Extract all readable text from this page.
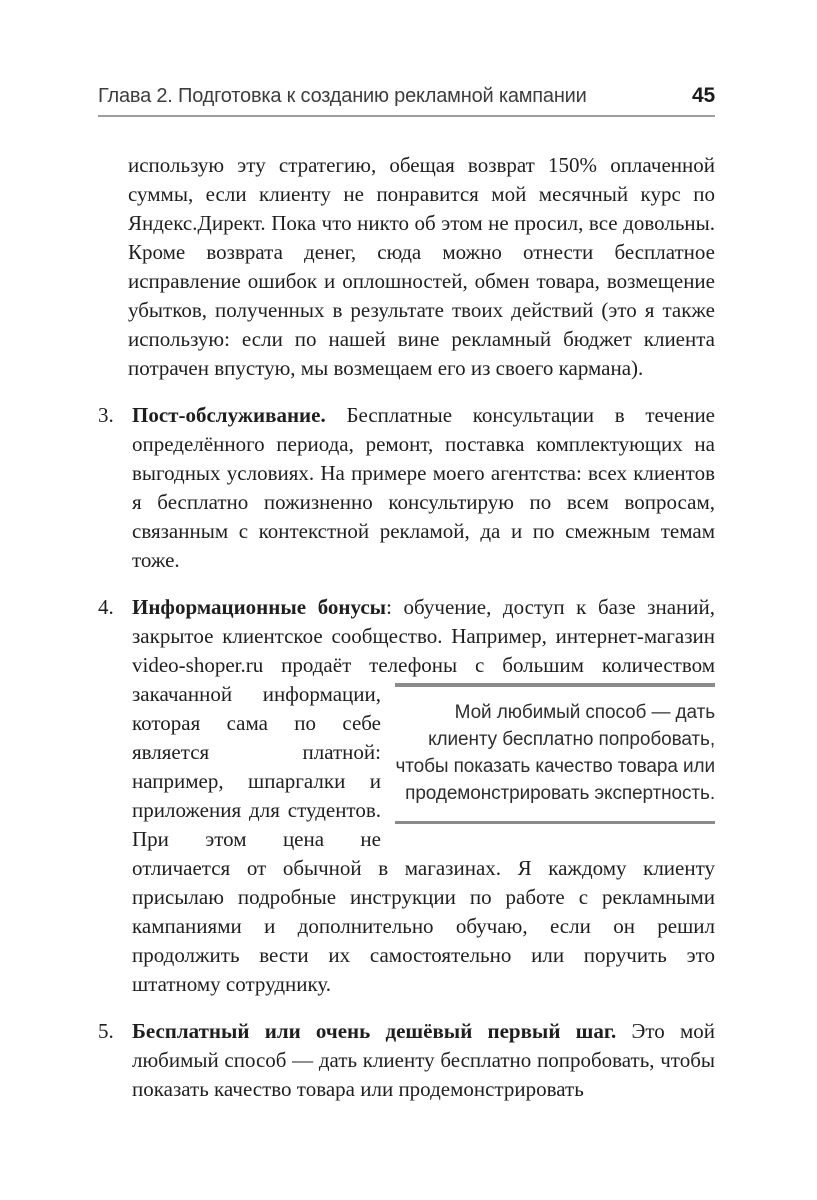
Глава 2. Подготовка к созданию рекламной кампании	45

использую эту стратегию, обещая возврат 150% оплаченной суммы, если клиенту не понравится мой месячный курс по Яндекс.Директ. Пока что никто об этом не просил, все довольны. Кроме возврата денег, сюда можно отнести бесплатное исправление ошибок и оплошностей, обмен товара, возмещение убытков, полученных в результате твоих действий (это я также использую: если по нашей вине рекламный бюджет клиента потрачен впустую, мы возмещаем его из своего кармана).

3. Пост-обслуживание. Бесплатные консультации в течение определённого периода, ремонт, поставка комплектующих на выгодных условиях. На примере моего агентства: всех клиентов я бесплатно пожизненно консультирую по всем вопросам, связанным с контекстной рекламой, да и по смежным темам тоже.
4. Информационные бонусы: обучение, доступ к базе знаний, закрытое клиентское сообщество. Например, интернет-магазин video-shoper.ru продаёт телефоны с большим

Мой любимый способ — дать клиенту бесплатно попробовать, чтобы показать качество товара или продемонстрировать экспертность.

количеством закачанной информации, которая сама по себе является платной: например, шпаргалки и приложения для студентов. При этом цена не отличается от обычной в магазинах. Я каждому клиенту присылаю подробные инструкции по работе с рекламными кампаниями и дополнительно обучаю, если он решил продолжить вести их самостоятельно или поручить это штатному сотруднику.
5. Бесплатный или очень дешёвый первый шаг. Это мой любимый способ — дать клиенту бесплатно попробовать, чтобы показать качество товара или продемонстрировать
